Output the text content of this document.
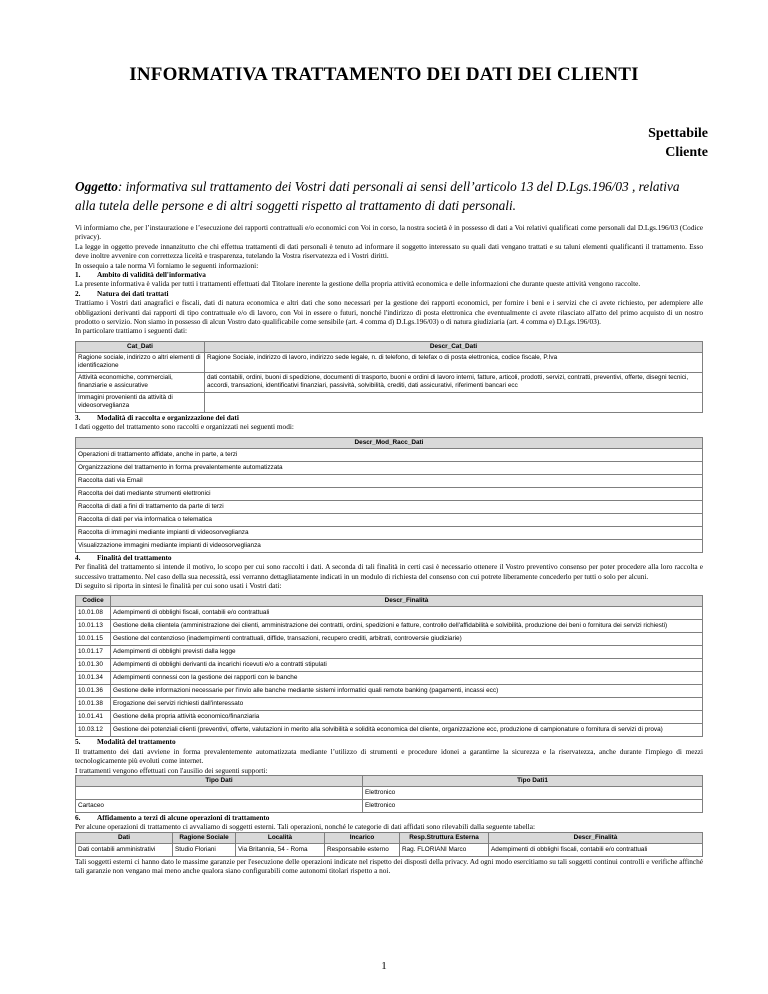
INFORMATIVA TRATTAMENTO DEI DATI DEI CLIENTI
Spettabile
Cliente
Oggetto: informativa sul trattamento dei Vostri dati personali ai sensi dell’articolo 13 del D.Lgs.196/03 , relativa alla tutela delle persone e di altri soggetti rispetto al trattamento di dati personali.

Vi informiamo che, per l’instaurazione e l’esecuzione dei rapporti contrattuali e/o economici con Voi in corso, la nostra società è in possesso di dati a Voi relativi qualificati come personali dal D.Lgs.196/03 (Codice privacy).

La legge in oggetto prevede innanzitutto che chi effettua trattamenti di dati personali è tenuto ad informare il soggetto interessato su quali dati vengano trattati e su taluni elementi qualificanti il trattamento. Esso deve inoltre avvenire con correttezza liceità e trasparenza, tutelando la Vostra riservatezza ed i Vostri diritti.

In ossequio a tale norma Vi forniamo le seguenti informazioni:

1.	Ambito di validità dell'informativa

La presente informativa è valida per tutti i trattamenti effettuati dal Titolare inerente la gestione della propria attività economica e delle informazioni che durante queste attività vengono raccolte.

2.	Natura dei dati trattati

Trattiamo i Vostri dati anagrafici e fiscali, dati di natura economica e altri dati che sono necessari per la gestione dei rapporti economici, per fornire i beni e i servizi che ci avete richiesto, per adempiere alle obbligazioni derivanti dai rapporti di tipo contrattuale e/o di lavoro, con Voi in essere o futuri, nonché l'indirizzo di posta elettronica che eventualmente ci avete rilasciato all'atto del primo acquisto di un nostro prodotto o servizio. Non siamo in possesso di alcun Vostro dato qualificabile come sensibile (art. 4 comma d) D.Lgs.196/03) o di natura giudiziaria (art. 4 comma e) D.Lgs.196/03).

In particolare trattiamo i seguenti dati:

Cat_Dati	Descr_Cat_Dati
Ragione sociale, indirizzo o altri elementi di identificazione	Ragione Sociale, indirizzo di lavoro, indirizzo sede legale, n. di telefono, di telefax o di posta elettronica, codice fiscale, P.Iva
Attività economiche, commerciali, finanziarie e assicurative	dati contabili, ordini, buoni di spedizione, documenti di trasporto, buoni e ordini di lavoro interni, fatture, articoli, prodotti, servizi, contratti, preventivi, offerte, disegni tecnici, accordi, transazioni, identificativi finanziari, passività, solvibilità, crediti, dati assicurativi, riferimenti bancari ecc
Immagini provenienti da attività di videosorveglianza	
3.	Modalità di raccolta e organizzazione dei dati

I dati oggetto del trattamento sono raccolti e organizzati nei seguenti modi:

Descr_Mod_Racc_Dati
Operazioni di trattamento affidate, anche in parte, a terzi
Organizzazione del trattamento in forma prevalentemente automatizzata
Raccolta dati via Email
Raccolta dei dati mediante strumenti elettronici
Raccolta di dati a fini di trattamento da parte di terzi
Raccolta di dati per via informatica o telematica
Raccolta di immagini mediante impianti di videosorveglianza
Visualizzazione immagini mediante impianti di videosorveglianza
4.	Finalità del trattamento

Per finalità del trattamento si intende il motivo, lo scopo per cui sono raccolti i dati. A seconda di tali finalità in certi casi è necessario ottenere il Vostro preventivo consenso per poter procedere alla loro raccolta e successivo trattamento. Nel caso della sua necessità, essi verranno dettagliatamente indicati in un modulo di richiesta del consenso con cui potrete liberamente concederlo per tutti o solo per alcuni.

Di seguito si riporta in sintesi le finalità per cui sono usati i Vostri dati:

Codice	Descr_Finalità
10.01.08	Adempimenti di obblighi fiscali, contabili e/o contrattuali
10.01.13	Gestione della clientela (amministrazione dei clienti, amministrazione dei contratti, ordini, spedizioni e fatture, controllo dell'affidabilità e solvibilità, produzione dei beni o fornitura dei servizi richiesti)
10.01.15	Gestione del contenzioso (inadempimenti contrattuali, diffide, transazioni, recupero crediti, arbitrati, controversie giudiziarie)
10.01.17	Adempimenti di obblighi previsti dalla legge
10.01.30	Adempimenti di obblighi derivanti da incarichi ricevuti e/o a contratti stipulati
10.01.34	Adempimenti connessi con la gestione dei rapporti con le banche
10.01.36	Gestione delle informazioni necessarie per l'invio alle banche mediante sistemi informatici quali remote banking (pagamenti, incassi ecc)
10.01.38	Erogazione dei servizi richiesti dall'interessato
10.01.41	Gestione della propria attività economico/finanziaria
10.03.12	Gestione dei potenziali clienti (preventivi, offerte, valutazioni in merito alla solvibilità e solidità economica del cliente, organizzazione ecc, produzione di campionature o fornitura di servizi di prova)
5.	Modalità del trattamento

Il trattamento dei dati avviene in forma prevalentemente automatizzata mediante l’utilizzo di strumenti e procedure idonei a garantirne la sicurezza e la riservatezza, anche durante l'impiego di mezzi tecnologicamente più evoluti come internet.

I trattamenti vengono effettuati con l'ausilio dei seguenti supporti:

Tipo Dati	Tipo Dati1
	Elettronico
Cartaceo	Elettronico
6.	Affidamento a terzi di alcune operazioni di trattamento

Per alcune operazioni di trattamento ci avvaliamo di soggetti esterni. Tali operazioni, nonché le categorie di dati affidati sono rilevabili dalla seguente tabella:

Dati	Ragione Sociale	Località	Incarico	Resp.Struttura Esterna	Descr_Finalità
Dati contabili amministrativi	Studio Floriani	Via Britannia, 54 - Roma	Responsabile esterno	Rag. FLORIANI Marco	Adempimenti di obblighi fiscali, contabili e/o contrattuali

Tali soggetti esterni ci hanno dato le massime garanzie per l'esecuzione delle operazioni indicate nel rispetto dei disposti della privacy. Ad ogni modo esercitiamo su tali soggetti continui controlli e verifiche affinché tali garanzie non vengano mai meno anche qualora siano configurabili come autonomi titolari rispetto a noi.

1
